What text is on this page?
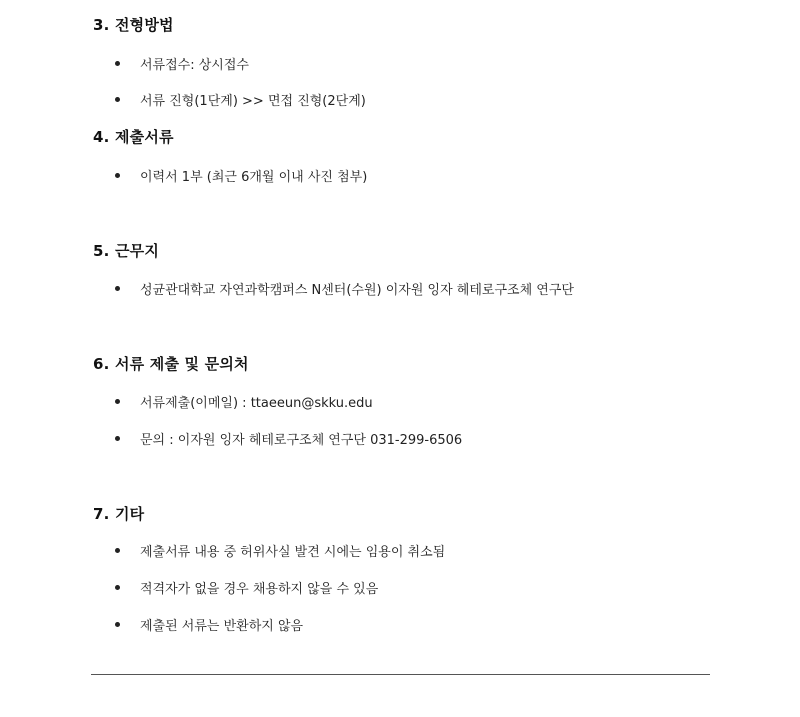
3. 전형방법
서류접수: 상시접수
서류 진형(1단계) >> 면접 진형(2단계)
4. 제출서류
이력서 1부 (최근 6개월 이내 사진 첨부)
5. 근무지
성균관대학교 자연과학캠퍼스 N센터(수원) 이자원 잉자 헤테로구조체 연구단
6. 서류 제출 및 문의처
서류제출(이메일) : ttaeeun@skku.edu
문의 : 이자원 잉자 헤테로구조체 연구단 031-299-6506
7. 기타
제출서류 내용 중 허위사실 발견 시에는 임용이 취소됨
적격자가 없을 경우 채용하지 않을 수 있음
제출된 서류는 반환하지 않음
